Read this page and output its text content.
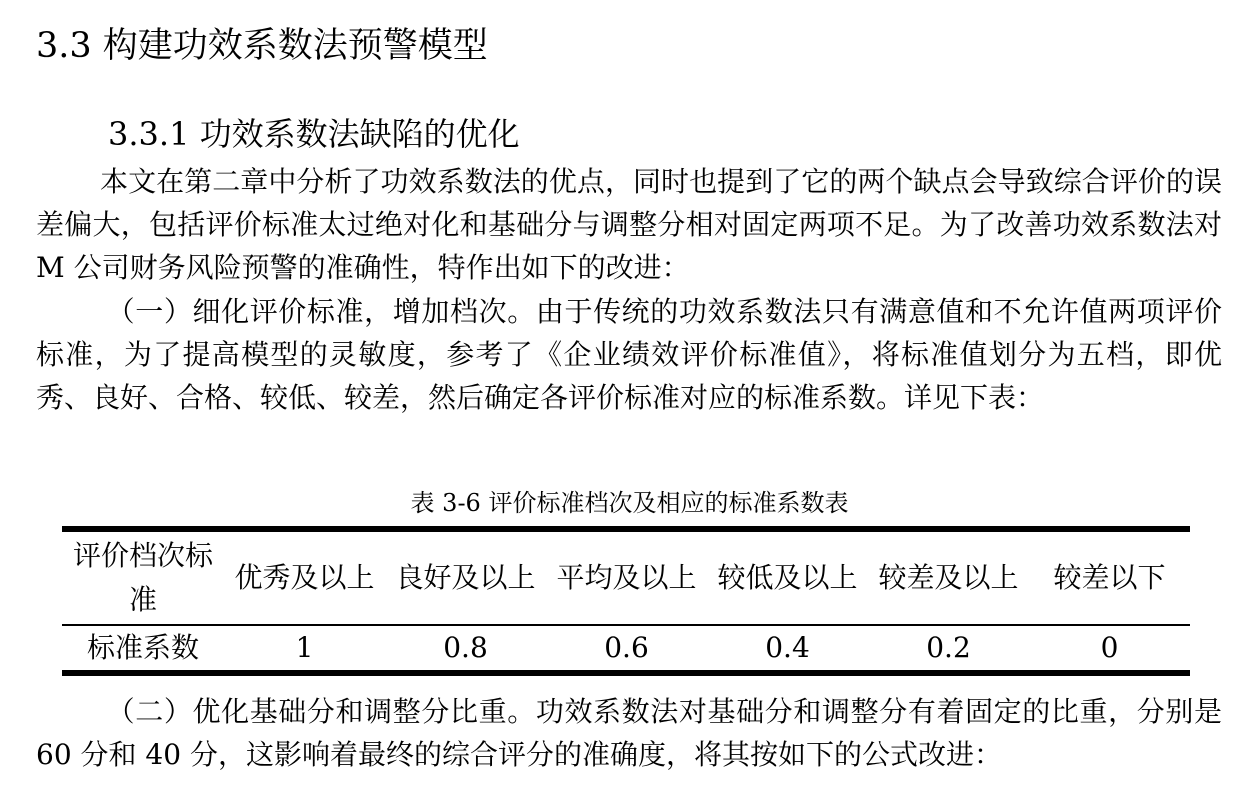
3.3 构建功效系数法预警模型
3.3.1 功效系数法缺陷的优化
本文在第二章中分析了功效系数法的优点，同时也提到了它的两个缺点会导致综合评价的误差偏大，包括评价标准太过绝对化和基础分与调整分相对固定两项不足。为了改善功效系数法对 M 公司财务风险预警的准确性，特作出如下的改进：
（一）细化评价标准，增加档次。由于传统的功效系数法只有满意值和不允许值两项评价标准，为了提高模型的灵敏度，参考了《企业绩效评价标准值》，将标准值划分为五档，即优秀、良好、合格、较低、较差，然后确定各评价标准对应的标准系数。详见下表：
表 3-6 评价标准档次及相应的标准系数表
评价档次标准	优秀及以上	良好及以上	平均及以上	较低及以上	较差及以上	较差以下
标准系数	1	0.8	0.6	0.4	0.2	0
（二）优化基础分和调整分比重。功效系数法对基础分和调整分有着固定的比重，分别是 60 分和 40 分，这影响着最终的综合评分的准确度，将其按如下的公式改进：
